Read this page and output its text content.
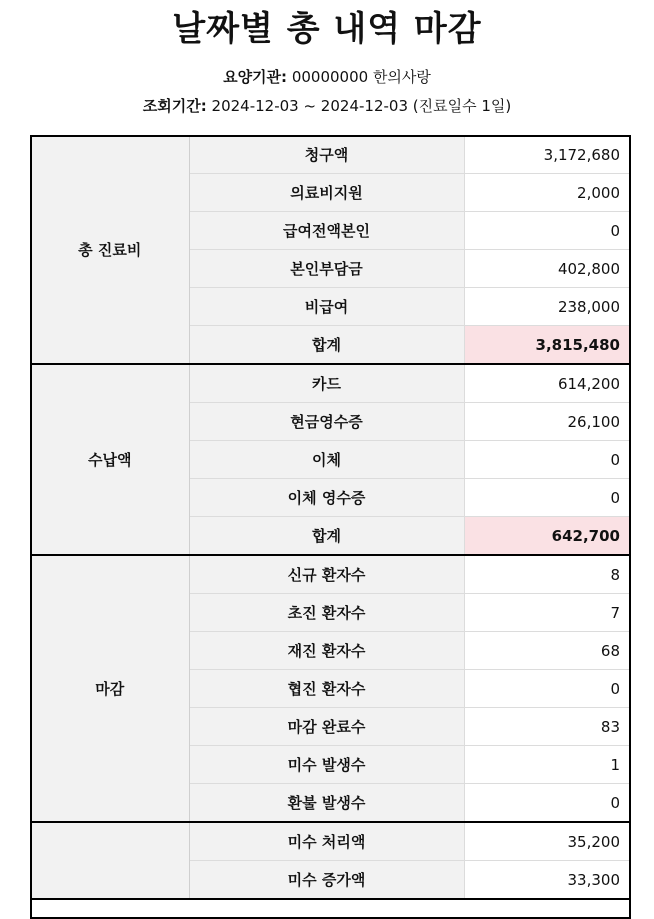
날짜별 총 내역 마감
요양기관: 00000000 한의사랑
조회기간: 2024-12-03 ~ 2024-12-03 (진료일수 1일)
총 진료비	청구액	3,172,680
	의료비지원	2,000
	급여전액본인	0
	본인부담금	402,800
	비급여	238,000
	합계	3,815,480
수납액	카드	614,200
	현금영수증	26,100
	이체	0
	이체 영수증	0
	합계	642,700
마감	신규 환자수	8
	초진 환자수	7
	재진 환자수	68
	협진 환자수	0
	마감 완료수	83
	미수 발생수	1
	환불 발생수	0
	미수 처리액	35,200
	미수 증가액	33,300
